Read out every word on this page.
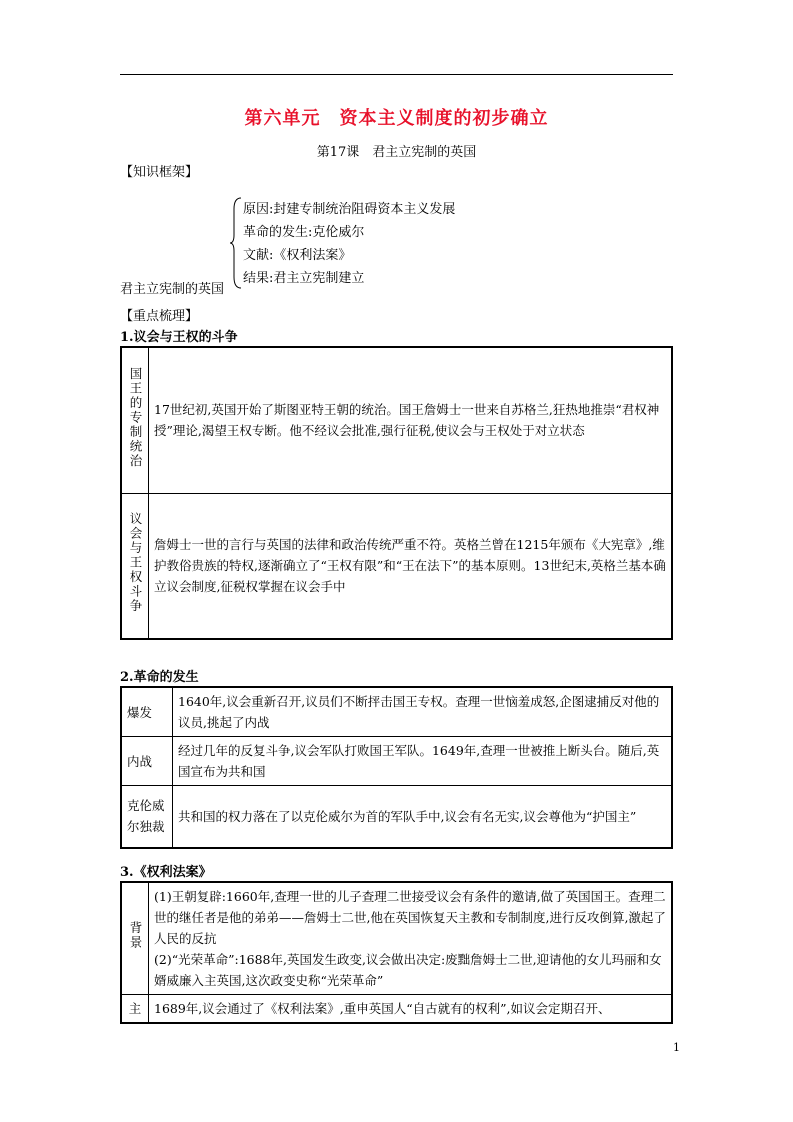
第六单元　资本主义制度的初步确立
第17课　君主立宪制的英国
【知识框架】
原因:封建专制统治阻碍资本主义发展
革命的发生:克伦威尔
文献:《权利法案》
结果:君主立宪制建立
君主立宪制的英国
【重点梳理】
1.议会与王权的斗争
国王的专制统治	17世纪初,英国开始了斯图亚特王朝的统治。国王詹姆士一世来自苏格兰,狂热地推崇“君权神授”理论,渴望王权专断。他不经议会批准,强行征税,使议会与王权处于对立状态
议会与王权斗争	詹姆士一世的言行与英国的法律和政治传统严重不符。英格兰曾在1215年颁布《大宪章》,维护教俗贵族的特权,逐渐确立了“王权有限”和“王在法下”的基本原则。13世纪末,英格兰基本确立议会制度,征税权掌握在议会手中
2.革命的发生
爆发	1640年,议会重新召开,议员们不断抨击国王专权。查理一世恼羞成怒,企图逮捕反对他的议员,挑起了内战
内战	经过几年的反复斗争,议会军队打败国王军队。1649年,查理一世被推上断头台。随后,英国宣布为共和国
克伦威尔独裁	共和国的权力落在了以克伦威尔为首的军队手中,议会有名无实,议会尊他为“护国主”
3.《权利法案》
背景	(1)王朝复辟:1660年,查理一世的儿子查理二世接受议会有条件的邀请,做了英国国王。查理二世的继任者是他的弟弟——詹姆士二世,他在英国恢复天主教和专制制度,进行反攻倒算,激起了人民的反抗
(2)“光荣革命”:1688年,英国发生政变,议会做出决定:废黜詹姆士二世,迎请他的女儿玛丽和女婿威廉入主英国,这次政变史称“光荣革命”

主	1689年,议会通过了《权利法案》,重申英国人“自古就有的权利”,如议会定期召开、
1
